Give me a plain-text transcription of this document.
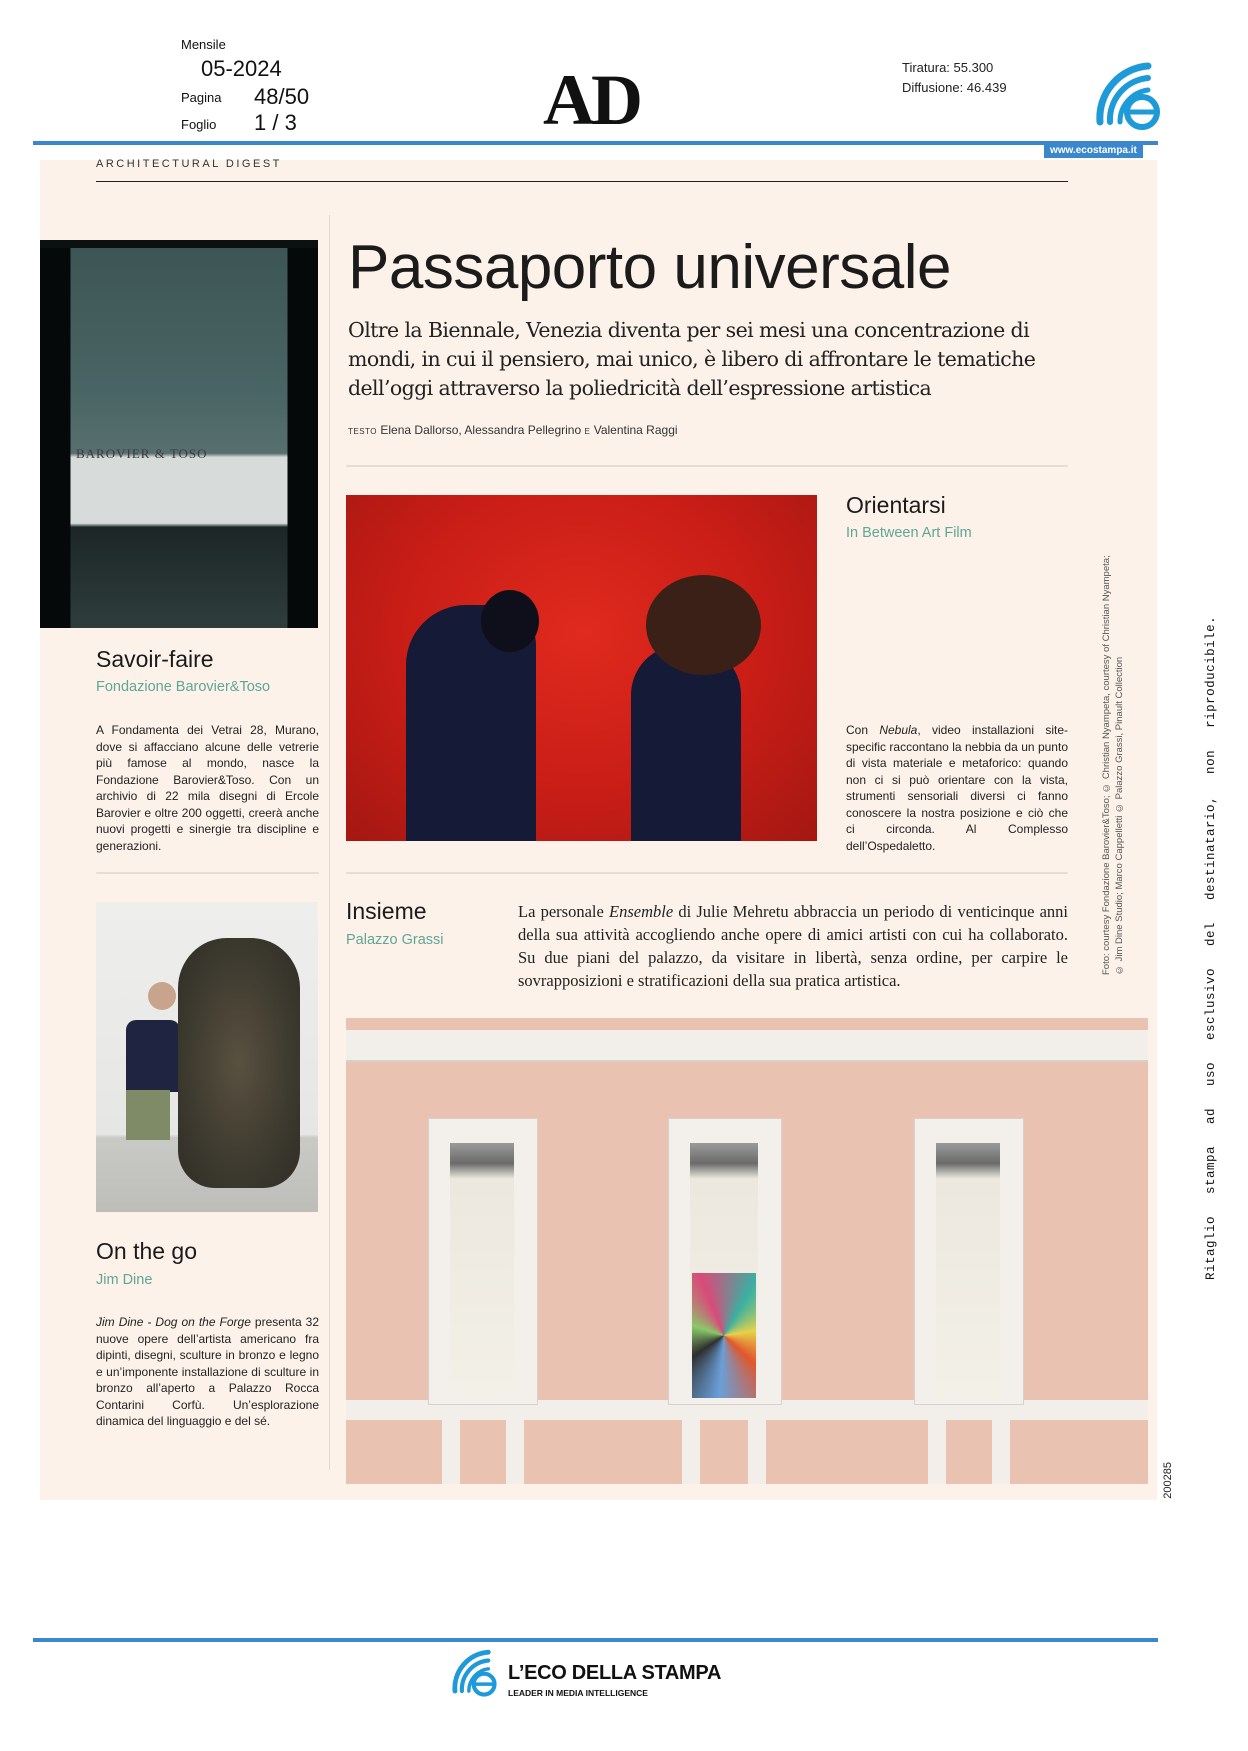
Mensile
05-2024
Pagina 48/50
Foglio 1 / 3	AD	Tiratura: 55.300
Diffusione: 46.439
www.ecostampa.it
ARCHITECTURAL DIGEST
Passaporto universale
Oltre la Biennale, Venezia diventa per sei mesi una concentrazione di mondi, in cui il pensiero, mai unico, è libero di affrontare le tematiche dell’oggi attraverso la poliedricità dell’espressione artistica
TESTO Elena Dallorso, Alessandra Pellegrino E Valentina Raggi
BAROVIER & TOSO
Savoir-faire
Fondazione Barovier&Toso
A Fondamenta dei Vetrai 28, Murano, dove si affacciano alcune delle vetrerie più famose al mondo, nasce la Fondazione Barovier&Toso. Con un archivio di 22 mila disegni di Ercole Barovier e oltre 200 oggetti, creerà anche nuovi progetti e sinergie tra discipline e generazioni.
Orientarsi
In Between Art Film
Con Nebula, video installazioni site-specific raccontano la nebbia da un punto di vista materiale e metaforico: quando non ci si può orientare con la vista, strumenti sensoriali diversi ci fanno conoscere la nostra posizione e ciò che ci circonda. Al Complesso dell’Ospedaletto.
Insieme
Palazzo Grassi
La personale Ensemble di Julie Mehretu abbraccia un periodo di venticinque anni della sua attività accogliendo anche opere di amici artisti con cui ha collaborato. Su due piani del palazzo, da visitare in libertà, senza ordine, per carpire le sovrapposizioni e stratificazioni della sua pratica artistica.
On the go
Jim Dine
Jim Dine - Dog on the Forge presenta 32 nuove opere dell’artista americano fra dipinti, disegni, sculture in bronzo e legno e un’imponente installazione di sculture in bronzo all’aperto a Palazzo Rocca Contarini Corfù. Un’esplorazione dinamica del linguaggio e del sé.
Foto: courtesy Fondazione Barovier&Toso; © Christian Nyampeta, courtesy of Christian Nyampeta; © Jim Dine Studio; Marco Cappelletti © Palazzo Grassi, Pinault Collection	Ritaglio stampa ad uso esclusivo del destinatario, non riproducibile.
200285
L’ECO DELLA STAMPA
LEADER IN MEDIA INTELLIGENCE
